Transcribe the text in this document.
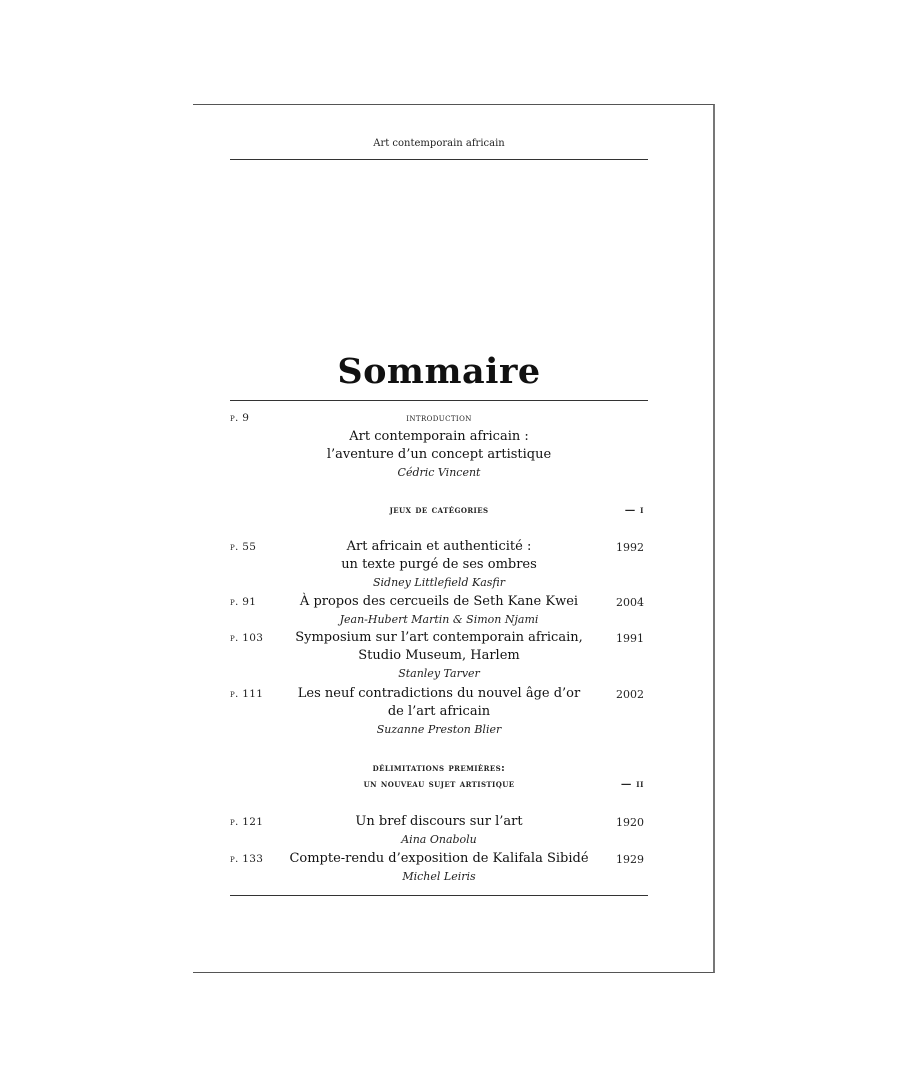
Art contemporain africain
Sommaire
p. 9	introduction
Art contemporain africain :
l’aventure d’un concept artistique
Cédric Vincent
jeux de catégories	— i
p. 55	Art africain et authenticité :	1992
un texte purgé de ses ombres
Sidney Littlefield Kasfir
p. 91	À propos des cercueils de Seth Kane Kwei	2004
Jean-Hubert Martin & Simon Njami
p. 103	Symposium sur l’art contemporain africain,	1991
Studio Museum, Harlem
Stanley Tarver
p. 111	Les neuf contradictions du nouvel âge d’or	2002
de l’art africain
Suzanne Preston Blier
délimitations premières:
un nouveau sujet artistique	— ii
p. 121	Un bref discours sur l’art	1920
Aina Onabolu
p. 133	Compte-rendu d’exposition de Kalifala Sibidé	1929
Michel Leiris
